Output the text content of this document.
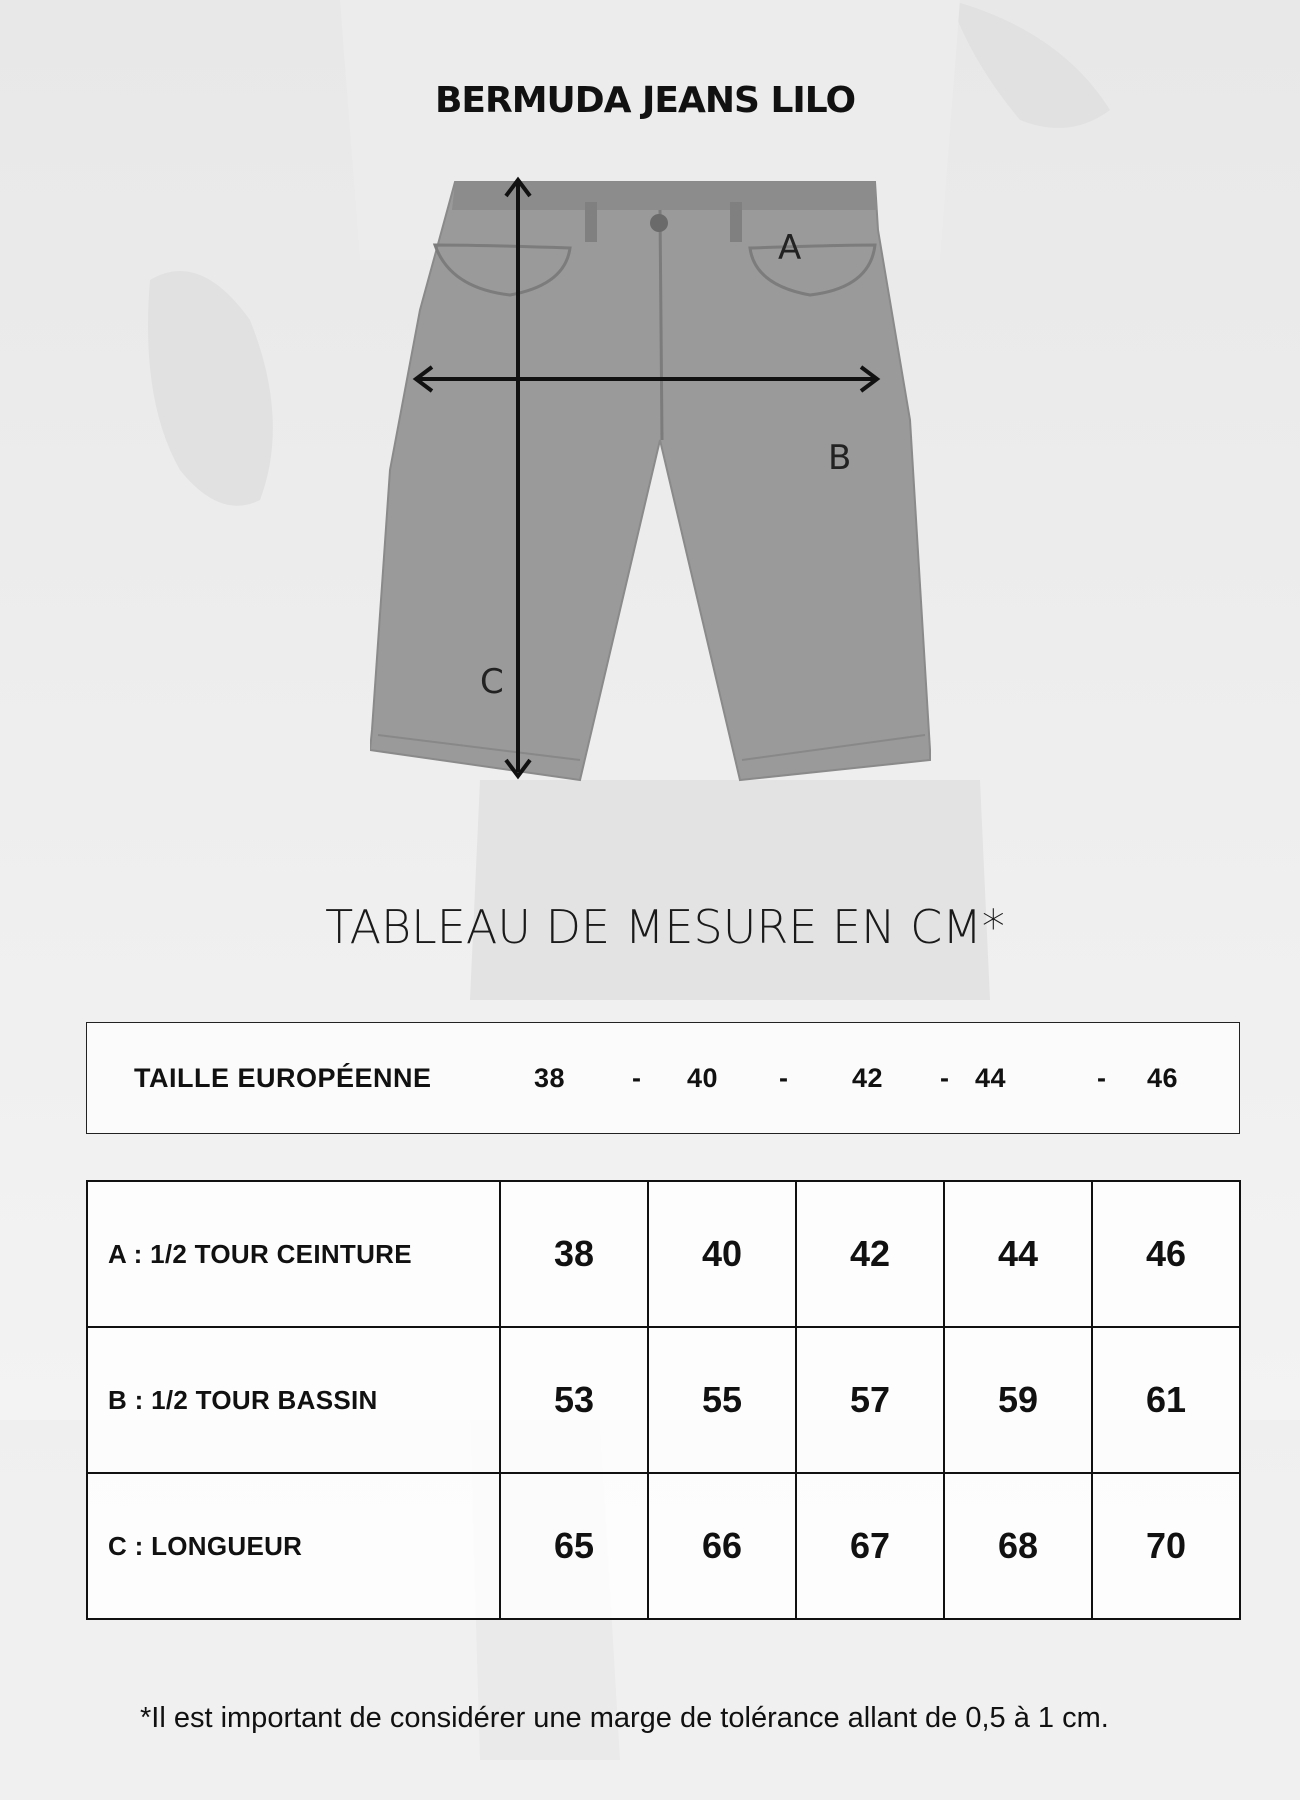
BERMUDA JEANS LILO
A
B
C
TABLEAU DE MESURE EN CM*
TAILLE EUROPÉENNE	38 - 40 - 42 - 44	- 46
A : 1/2 TOUR CEINTURE	38	40	42	44	46
B : 1/2 TOUR BASSIN	53	55	57	59	61
C : LONGUEUR	65	66	67	68	70
*Il est important de considérer une marge de tolérance allant de 0,5 à 1 cm.
